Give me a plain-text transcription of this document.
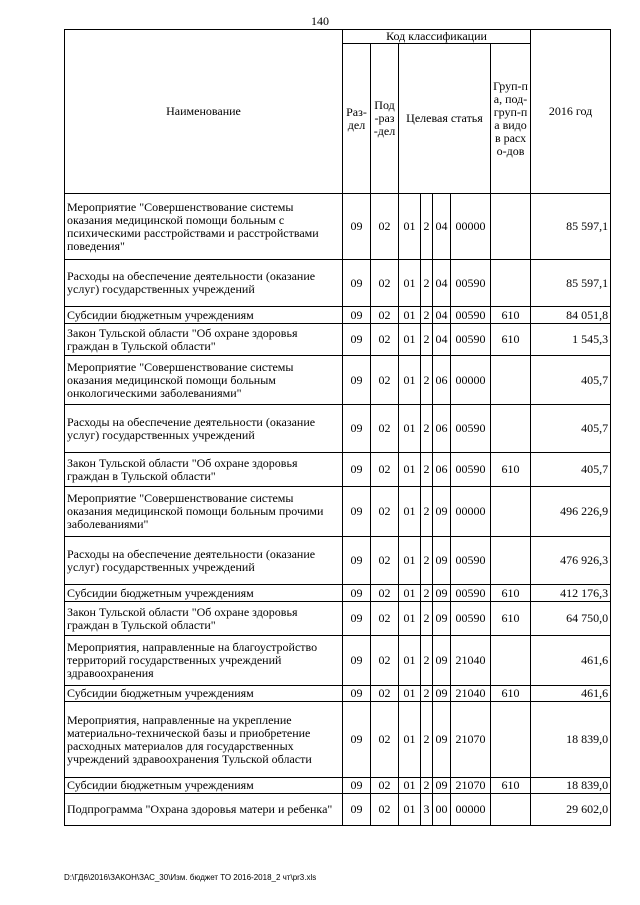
140
Наименование	Код классификации							2016 год
	Раз-дел	Под-раз-дел	Целевая статья				Груп-па, под-груп-па видов расхо-дов	
Мероприятие "Совершенствование системы оказания медицинской помощи больным с психическими расстройствами и расстройствами поведения"	09	02	01	2	04	00000		85 597,1
Расходы на обеспечение деятельности (оказание услуг) государственных учреждений	09	02	01	2	04	00590		85 597,1
Субсидии бюджетным учреждениям	09	02	01	2	04	00590	610	84 051,8
Закон Тульской области "Об охране здоровья граждан в Тульской области"	09	02	01	2	04	00590	610	1 545,3
Мероприятие "Совершенствование системы оказания медицинской помощи больным онкологическими заболеваниями"	09	02	01	2	06	00000		405,7
Расходы на обеспечение деятельности (оказание услуг) государственных учреждений	09	02	01	2	06	00590		405,7
Закон Тульской области "Об охране здоровья граждан в Тульской области"	09	02	01	2	06	00590	610	405,7
Мероприятие "Совершенствование системы оказания медицинской помощи больным прочими заболеваниями"	09	02	01	2	09	00000		496 226,9
Расходы на обеспечение деятельности (оказание услуг) государственных учреждений	09	02	01	2	09	00590		476 926,3
Субсидии бюджетным учреждениям	09	02	01	2	09	00590	610	412 176,3
Закон Тульской области "Об охране здоровья граждан в Тульской области"	09	02	01	2	09	00590	610	64 750,0
Мероприятия, направленные на благоустройство территорий государственных учреждений здравоохранения	09	02	01	2	09	21040		461,6
Субсидии бюджетным учреждениям	09	02	01	2	09	21040	610	461,6
Мероприятия, направленные на укрепление материально-технической базы и приобретение расходных материалов для государственных учреждений здравоохранения Тульской области	09	02	01	2	09	21070		18 839,0
Субсидии бюджетным учреждениям	09	02	01	2	09	21070	610	18 839,0
Подпрограмма "Охрана здоровья матери и ребенка"	09	02	01	3	00	00000		29 602,0
D:\ГД6\2016\ЗАКОН\ЗАС_30\Изм. бюджет ТО 2016-2018_2 чт\pr3.xls
